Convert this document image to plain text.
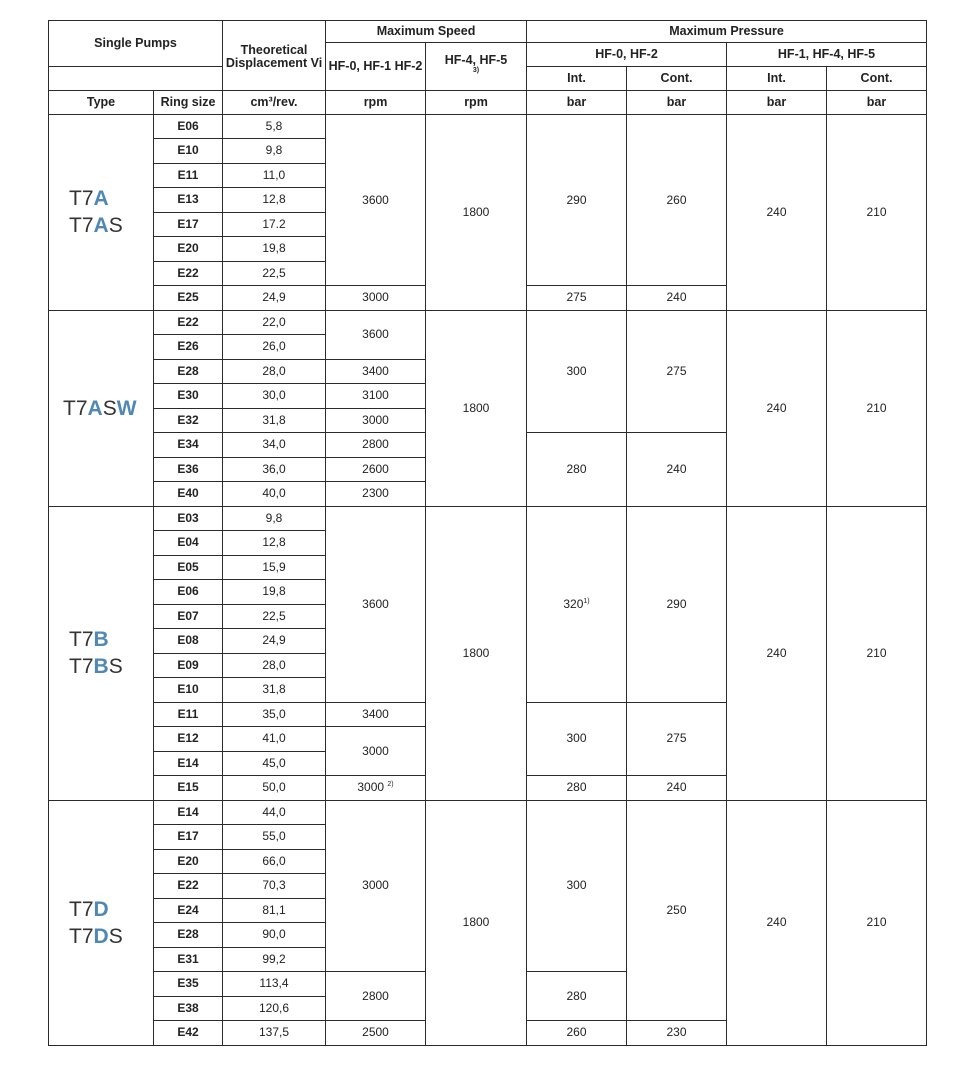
Single Pumps		Theoretical Displacement Vi	Maximum Speed		Maximum Pressure			
			HF-0, HF-1 HF-2	HF-4, HF-5
$^{3)}$	HF-0, HF-2		HF-1, HF-4, HF-5	
					Int.	Cont.	Int.	Cont.
Type	Ring size	cm³/rev.	rpm	rpm	bar	bar	bar	bar

T7A
T7AS	E06	5,8	3600	1800	290	260	240	210
	E10	9,8						
	E11	11,0						
	E13	12,8						
	E17	17.2						
	E20	19,8						
	E22	22,5						
	E25	24,9	3000		275	240		

T7ASW	E22	22,0	3600	1800	300	275	240	210
	E26	26,0						
	E28	28,0	3400					
	E30	30,0	3100					
	E32	31,8	3000					
	E34	34,0	2800		280	240		
	E36	36,0	2600					
	E40	40,0	2300					

T7B
T7BS	E03	9,8	3600	1800	320$^{1)}$	290	240	210
	E04	12,8						
	E05	15,9						
	E06	19,8						
	E07	22,5						
	E08	24,9						
	E09	28,0						
	E10	31,8						
	E11	35,0	3400		300	275		
	E12	41,0	3000					
	E14	45,0						
	E15	50,0	3000 $^{2)}$		280	240		

T7D
T7DS	E14	44,0	3000	1800	300	250	240	210
	E17	55,0						
	E20	66,0						
	E22	70,3						
	E24	81,1						
	E28	90,0						
	E31	99,2						
	E35	113,4	2800		280			
	E38	120,6						
	E42	137,5	2500		260	230		
